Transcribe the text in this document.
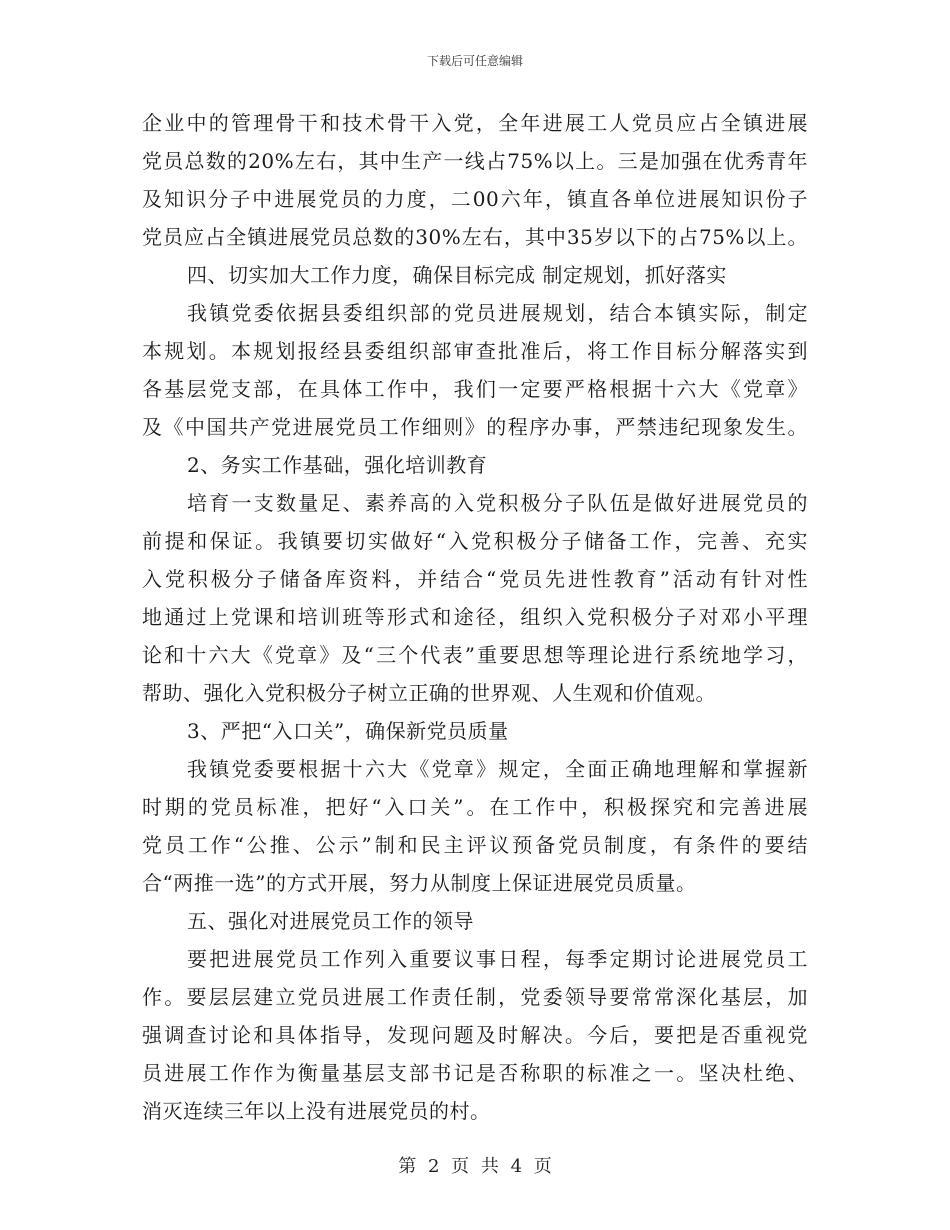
下载后可任意编辑
企业中的管理骨干和技术骨干入党，全年进展工人党员应占全镇进展
党员总数的20%左右，其中生产一线占75%以上。三是加强在优秀青年
及知识分子中进展党员的力度，二00六年，镇直各单位进展知识份子
党员应占全镇进展党员总数的30%左右，其中35岁以下的占75%以上。
四、切实加大工作力度，确保目标完成 制定规划，抓好落实
我镇党委依据县委组织部的党员进展规划，结合本镇实际，制定
本规划。本规划报经县委组织部审查批准后，将工作目标分解落实到
各基层党支部，在具体工作中，我们一定要严格根据十六大《党章》
及《中国共产党进展党员工作细则》的程序办事，严禁违纪现象发生。
2、务实工作基础，强化培训教育
培育一支数量足、素养高的入党积极分子队伍是做好进展党员的
前提和保证。我镇要切实做好“入党积极分子储备工作，完善、充实
入党积极分子储备库资料，并结合“党员先进性教育”活动有针对性
地通过上党课和培训班等形式和途径，组织入党积极分子对邓小平理
论和十六大《党章》及“三个代表”重要思想等理论进行系统地学习，
帮助、强化入党积极分子树立正确的世界观、人生观和价值观。
3、严把“入口关”，确保新党员质量
我镇党委要根据十六大《党章》规定，全面正确地理解和掌握新
时期的党员标准，把好“入口关”。在工作中，积极探究和完善进展
党员工作“公推、公示”制和民主评议预备党员制度，有条件的要结
合“两推一选”的方式开展，努力从制度上保证进展党员质量。
五、强化对进展党员工作的领导
要把进展党员工作列入重要议事日程，每季定期讨论进展党员工
作。要层层建立党员进展工作责任制，党委领导要常常深化基层，加
强调查讨论和具体指导，发现问题及时解决。今后，要把是否重视党
员进展工作作为衡量基层支部书记是否称职的标准之一。坚决杜绝、
消灭连续三年以上没有进展党员的村。
第 2 页 共 4 页
